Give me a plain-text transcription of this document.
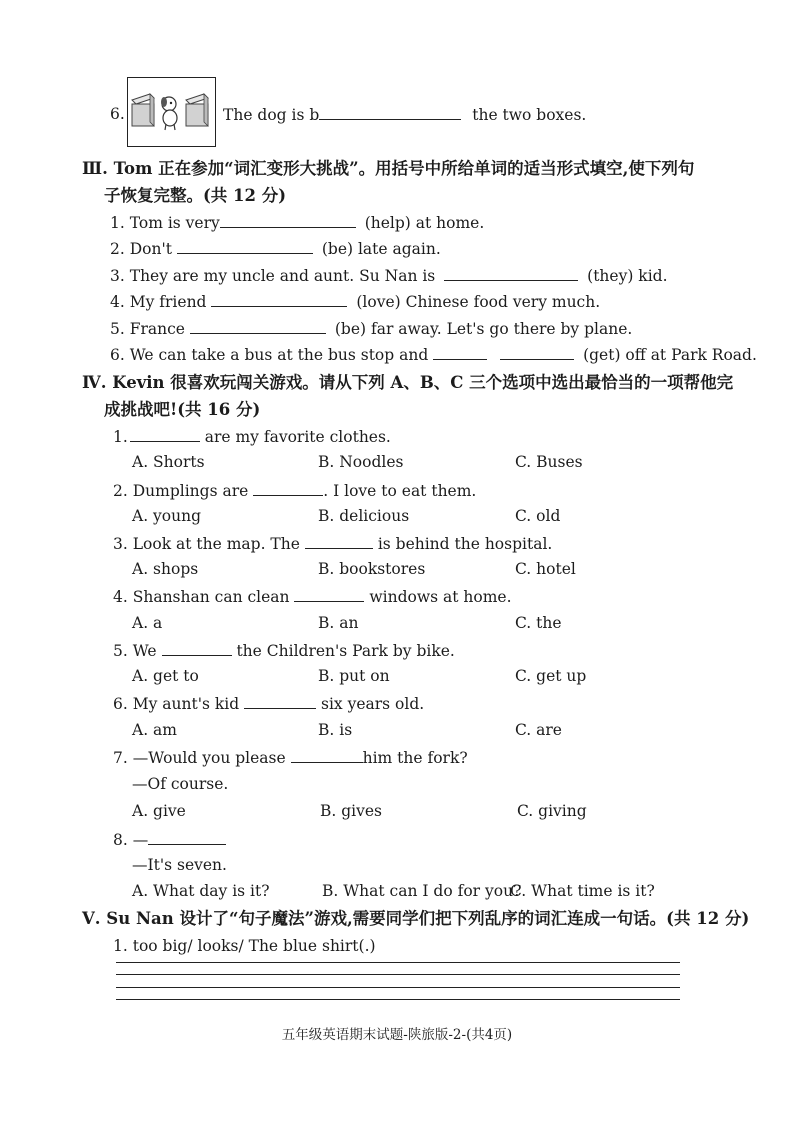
6.	The dog is b	the two boxes.
Ⅲ. Tom 正在参加“词汇变形大挑战”。用括号中所给单词的适当形式填空,使下列句
子恢复完整。(共 12 分)
1. Tom is very	(help) at home.
2. Don't	(be) late again.
3. They are my uncle and aunt. Su Nan is	(they) kid.
4. My friend	(love) Chinese food very much.
5. France	(be) far away. Let's go there by plane.
6. We can take a bus at the bus stop and	(get) off at Park Road.
Ⅳ. Kevin 很喜欢玩闯关游戏。请从下列 A、B、C 三个选项中选出最恰当的一项帮他完
成挑战吧!(共 16 分)
1.	are my favorite clothes.
A. Shorts	B. Noodles	C. Buses
2. Dumplings are	. I love to eat them.
A. young	B. delicious	C. old
3. Look at the map. The	is behind the hospital.
A. shops	B. bookstores	C. hotel
4. Shanshan can clean	windows at home.
A. a	B. an	C. the
5. We	the Children's Park by bike.
A. get to	B. put on	C. get up
6. My aunt's kid	six years old.
A. am	B. is	C. are
7. —Would you please	him the fork?
—Of course.
A. give	B. gives	C. giving
8. —
—It's seven.
A. What day is it?	B. What can I do for you?
C. What time is it?
Ⅴ. Su Nan 设计了“句子魔法”游戏,需要同学们把下列乱序的词汇连成一句话。(共 12 分)
1. too big/ looks/ The blue shirt(.)
五年级英语期末试题-陕旅版-2-(共4页)
